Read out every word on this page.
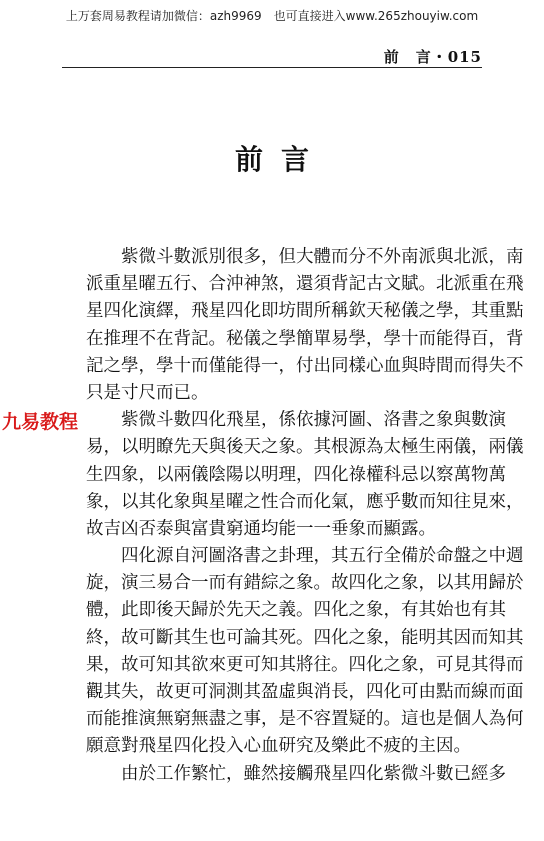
上万套周易教程请加微信：azh9969　也可直接进入www.265zhouyiw.com
前　言・015
前言
九易教程
　　紫微斗數派別很多，但大體而分不外南派與北派，南
派重星曜五行、合沖神煞，還須背記古文賦。北派重在飛
星四化演繹，飛星四化即坊間所稱欽天秘儀之學，其重點
在推理不在背記。秘儀之學簡單易學，學十而能得百，背
記之學，學十而僅能得一，付出同樣心血與時間而得失不
只是寸尺而已。
　　紫微斗數四化飛星，係依據河圖、洛書之象與數演
易，以明瞭先天與後天之象。其根源為太極生兩儀，兩儀
生四象，以兩儀陰陽以明理，四化祿權科忌以察萬物萬
象，以其化象與星曜之性合而化氣，應乎數而知往見來，
故吉凶否泰與富貴窮通均能一一垂象而顯露。
　　四化源自河圖洛書之卦理，其五行全備於命盤之中週
旋，演三易合一而有錯綜之象。故四化之象，以其用歸於
體，此即後天歸於先天之義。四化之象，有其始也有其
終，故可斷其生也可論其死。四化之象，能明其因而知其
果，故可知其欲來更可知其將往。四化之象，可見其得而
觀其失，故更可洞測其盈虛與消長，四化可由點而線而面
而能推演無窮無盡之事，是不容置疑的。這也是個人為何
願意對飛星四化投入心血研究及樂此不疲的主因。
　　由於工作繁忙，雖然接觸飛星四化紫微斗數已經多
